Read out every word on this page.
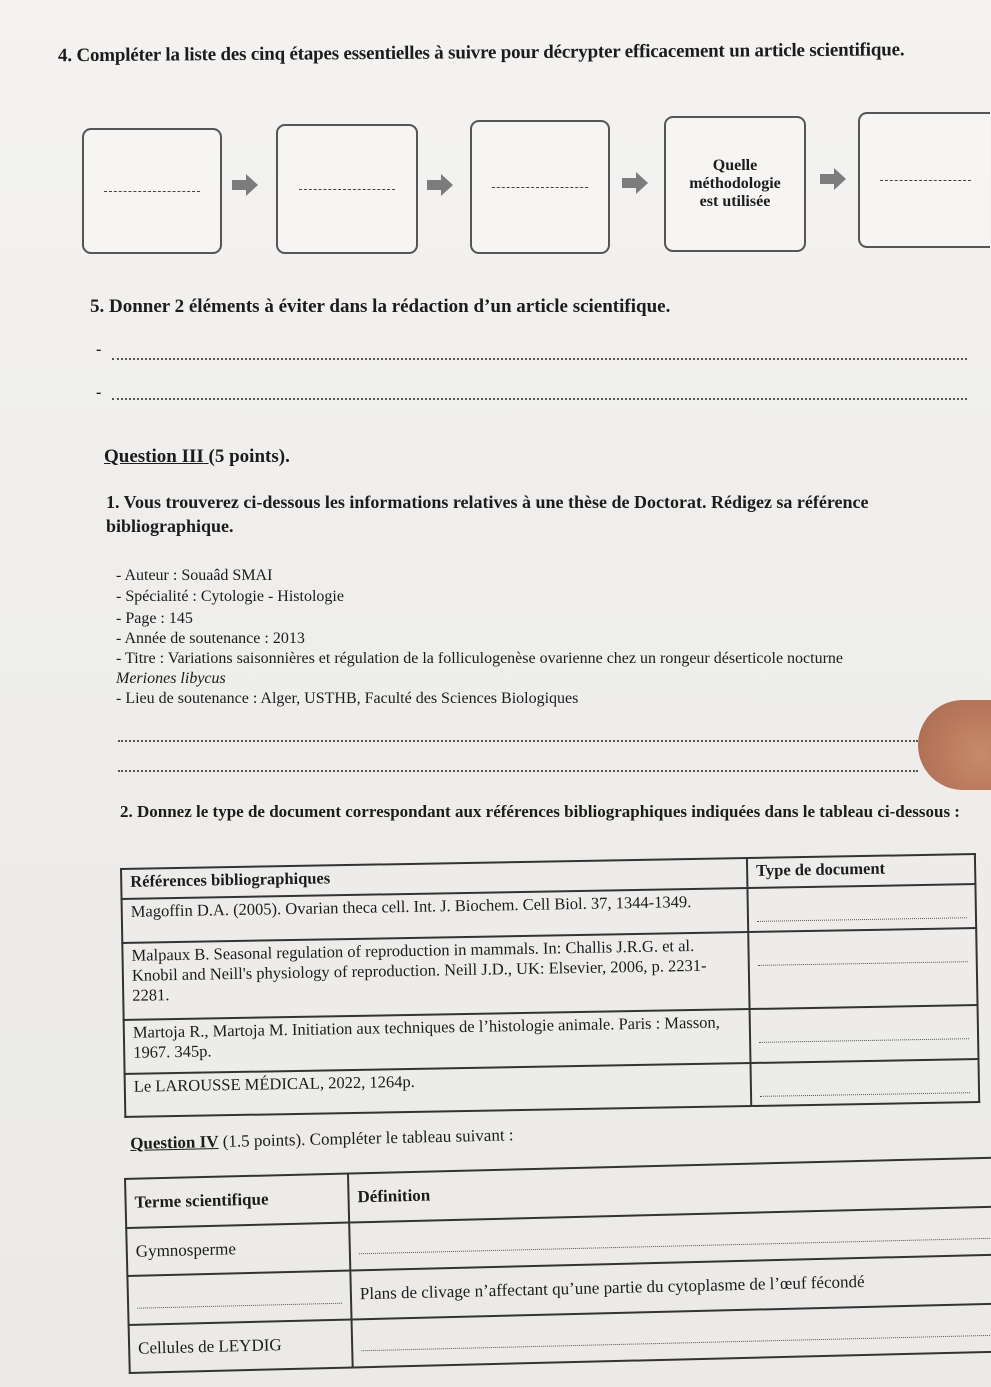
4. Compléter la liste des cinq étapes essentielles à suivre pour décrypter efficacement un article scientifique.
Quelle
méthodologie
est utilisée
5. Donner 2 éléments à éviter dans la rédaction d’un article scientifique.
-
-
Question III (5 points).
1. Vous trouverez ci-dessous les informations relatives à une thèse de Doctorat. Rédigez sa référence bibliographique.
- Auteur : Souaâd SMAI
- Spécialité : Cytologie - Histologie
- Page : 145
- Année de soutenance : 2013
- Titre : Variations saisonnières et régulation de la folliculogenèse ovarienne chez un rongeur déserticole nocturne
Meriones libycus
- Lieu de soutenance : Alger, USTHB, Faculté des Sciences Biologiques
2. Donnez le type de document correspondant aux références bibliographiques indiquées dans le tableau ci-dessous :
Références bibliographiques	Type de document
Magoffin D.A. (2005). Ovarian theca cell. Int. J. Biochem. Cell Biol. 37, 1344-1349.	

Malpaux B. Seasonal regulation of reproduction in mammals. In: Challis J.R.G. et al. Knobil and Neill's physiology of reproduction. Neill J.D., UK: Elsevier, 2006, p. 2231-2281.	

Martoja R., Martoja M. Initiation aux techniques de l’histologie animale. Paris : Masson, 1967. 345p.	

Le LAROUSSE MÉDICAL, 2022, 1264p.	
Question IV (1.5 points). Compléter le tableau suivant :
Terme scientifique	Définition
Gymnosperme	

	Plans de clivage n’affectant qu’une partie du cytoplasme de l’œuf fécondé
Cellules de LEYDIG	
